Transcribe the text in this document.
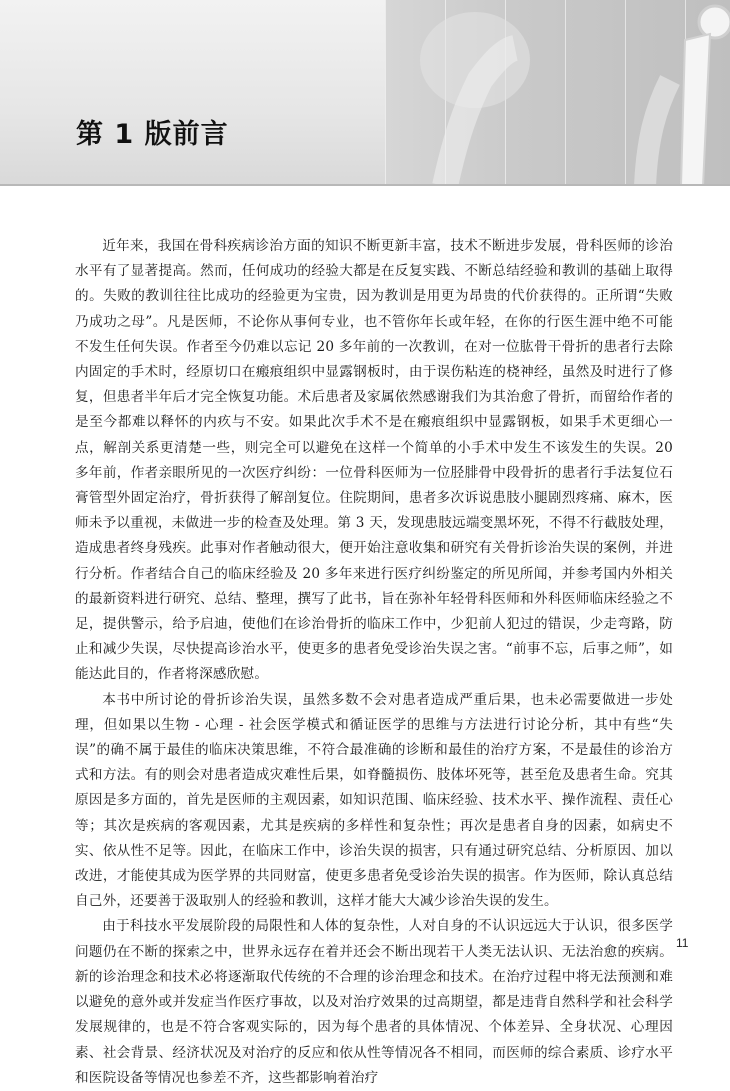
第 1 版前言

近年来，我国在骨科疾病诊治方面的知识不断更新丰富，技术不断进步发展，骨科医师的诊治水平有了显著提高。然而，任何成功的经验大都是在反复实践、不断总结经验和教训的基础上取得的。失败的教训往往比成功的经验更为宝贵，因为教训是用更为昂贵的代价获得的。正所谓“失败乃成功之母”。凡是医师，不论你从事何专业，也不管你年长或年轻，在你的行医生涯中绝不可能不发生任何失误。作者至今仍难以忘记 20 多年前的一次教训，在对一位肱骨干骨折的患者行去除内固定的手术时，经原切口在瘢痕组织中显露钢板时，由于误伤粘连的桡神经，虽然及时进行了修复，但患者半年后才完全恢复功能。术后患者及家属依然感谢我们为其治愈了骨折，而留给作者的是至今都难以释怀的内疚与不安。如果此次手术不是在瘢痕组织中显露钢板，如果手术更细心一点，解剖关系更清楚一些，则完全可以避免在这样一个简单的小手术中发生不该发生的失误。20 多年前，作者亲眼所见的一次医疗纠纷：一位骨科医师为一位胫腓骨中段骨折的患者行手法复位石膏管型外固定治疗，骨折获得了解剖复位。住院期间，患者多次诉说患肢小腿剧烈疼痛、麻木，医师未予以重视，未做进一步的检查及处理。第 3 天，发现患肢远端变黑坏死，不得不行截肢处理，造成患者终身残疾。此事对作者触动很大，便开始注意收集和研究有关骨折诊治失误的案例，并进行分析。作者结合自己的临床经验及 20 多年来进行医疗纠纷鉴定的所见所闻，并参考国内外相关的最新资料进行研究、总结、整理，撰写了此书，旨在弥补年轻骨科医师和外科医师临床经验之不足，提供警示，给予启迪，使他们在诊治骨折的临床工作中，少犯前人犯过的错误，少走弯路，防止和减少失误，尽快提高诊治水平，使更多的患者免受诊治失误之害。“前事不忘，后事之师”，如能达此目的，作者将深感欣慰。

本书中所讨论的骨折诊治失误，虽然多数不会对患者造成严重后果，也未必需要做进一步处理，但如果以生物 - 心理 - 社会医学模式和循证医学的思维与方法进行讨论分析，其中有些“失误”的确不属于最佳的临床决策思维，不符合最准确的诊断和最佳的治疗方案，不是最佳的诊治方式和方法。有的则会对患者造成灾难性后果，如脊髓损伤、肢体坏死等，甚至危及患者生命。究其原因是多方面的，首先是医师的主观因素，如知识范围、临床经验、技术水平、操作流程、责任心等；其次是疾病的客观因素，尤其是疾病的多样性和复杂性；再次是患者自身的因素，如病史不实、依从性不足等。因此，在临床工作中，诊治失误的损害，只有通过研究总结、分析原因、加以改进，才能使其成为医学界的共同财富，使更多患者免受诊治失误的损害。作为医师，除认真总结自己外，还要善于汲取别人的经验和教训，这样才能大大减少诊治失误的发生。

由于科技水平发展阶段的局限性和人体的复杂性，人对自身的不认识远远大于认识，很多医学问题仍在不断的探索之中，世界永远存在着并还会不断出现若干人类无法认识、无法治愈的疾病。新的诊治理念和技术必将逐渐取代传统的不合理的诊治理念和技术。在治疗过程中将无法预测和难以避免的意外或并发症当作医疗事故，以及对治疗效果的过高期望，都是违背自然科学和社会科学发展规律的，也是不符合客观实际的，因为每个患者的具体情况、个体差异、全身状况、心理因素、社会背景、经济状况及对治疗的反应和依从性等情况各不相同，而医师的综合素质、诊疗水平和医院设备等情况也参差不齐，这些都影响着治疗

11
